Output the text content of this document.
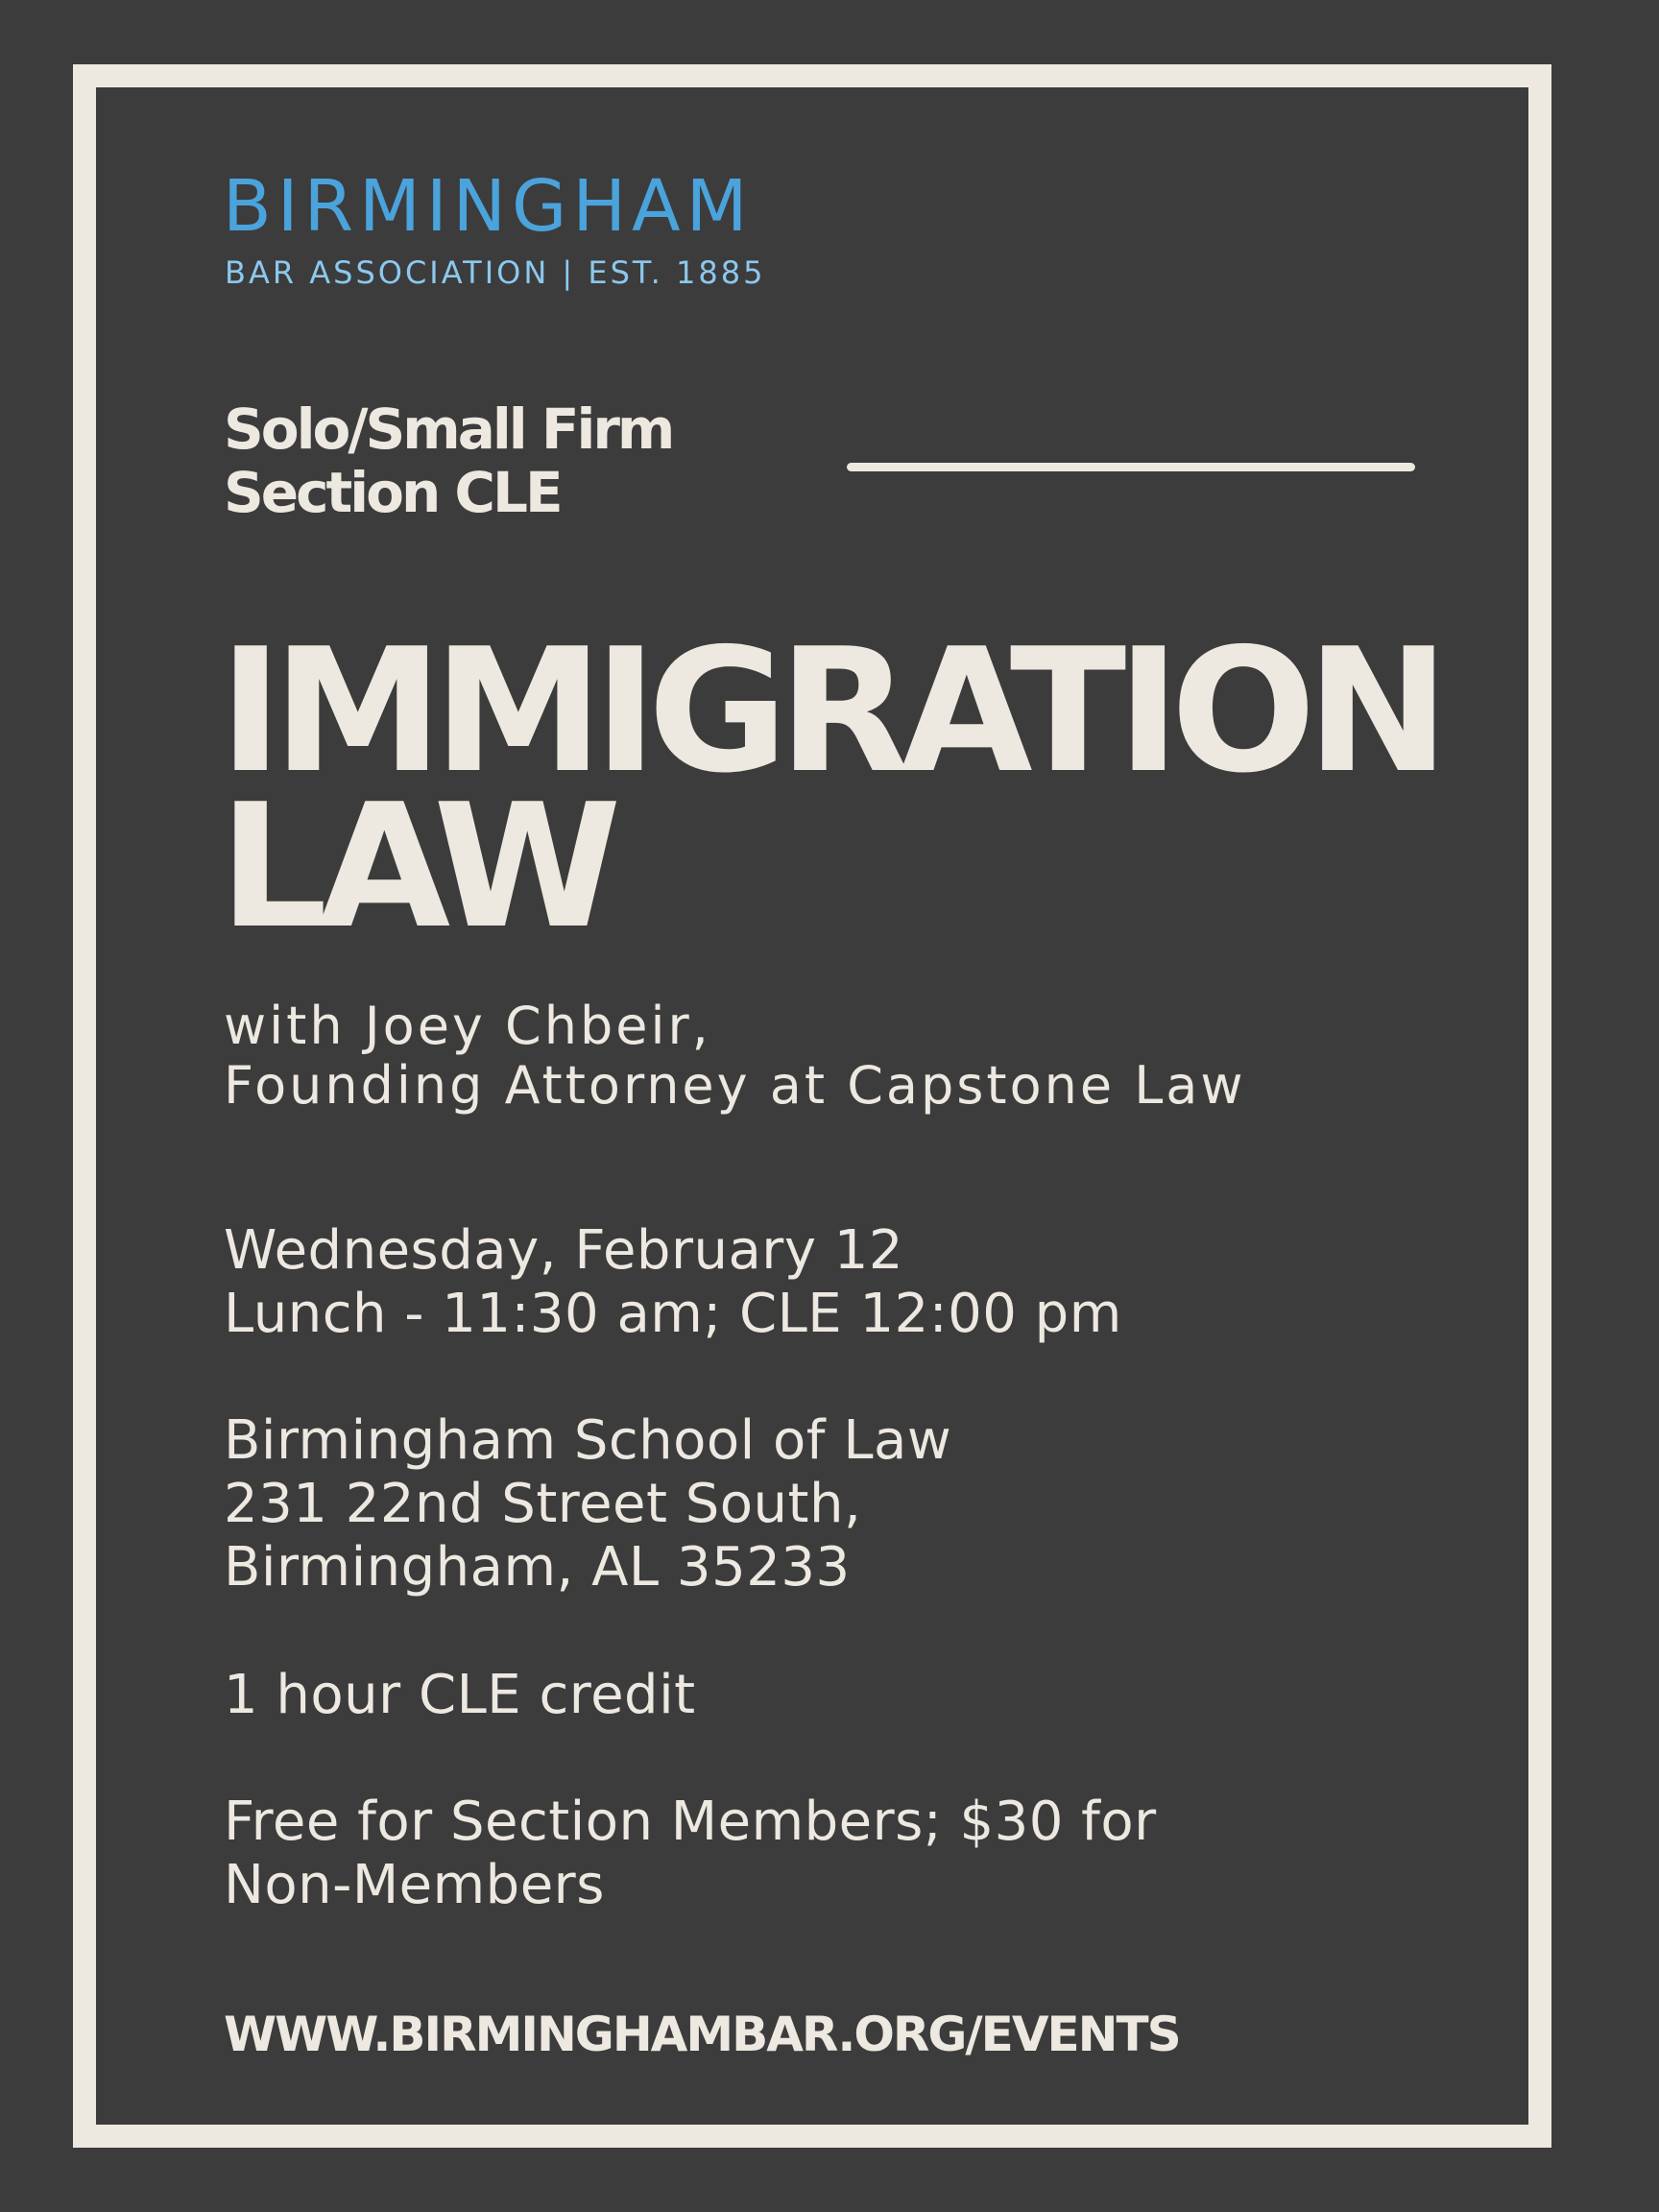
BIRMINGHAM
BAR ASSOCIATION | EST. 1885
Solo/Small Firm
Section CLE
IMMIGRATION
LAW
with Joey Chbeir,
Founding Attorney at Capstone Law
Wednesday, February 12
Lunch - 11:30 am; CLE 12:00 pm
Birmingham School of Law
231 22nd Street South,
Birmingham, AL 35233
1 hour CLE credit
Free for Section Members; $30 for
Non-Members
WWW.BIRMINGHAMBAR.ORG/EVENTS
